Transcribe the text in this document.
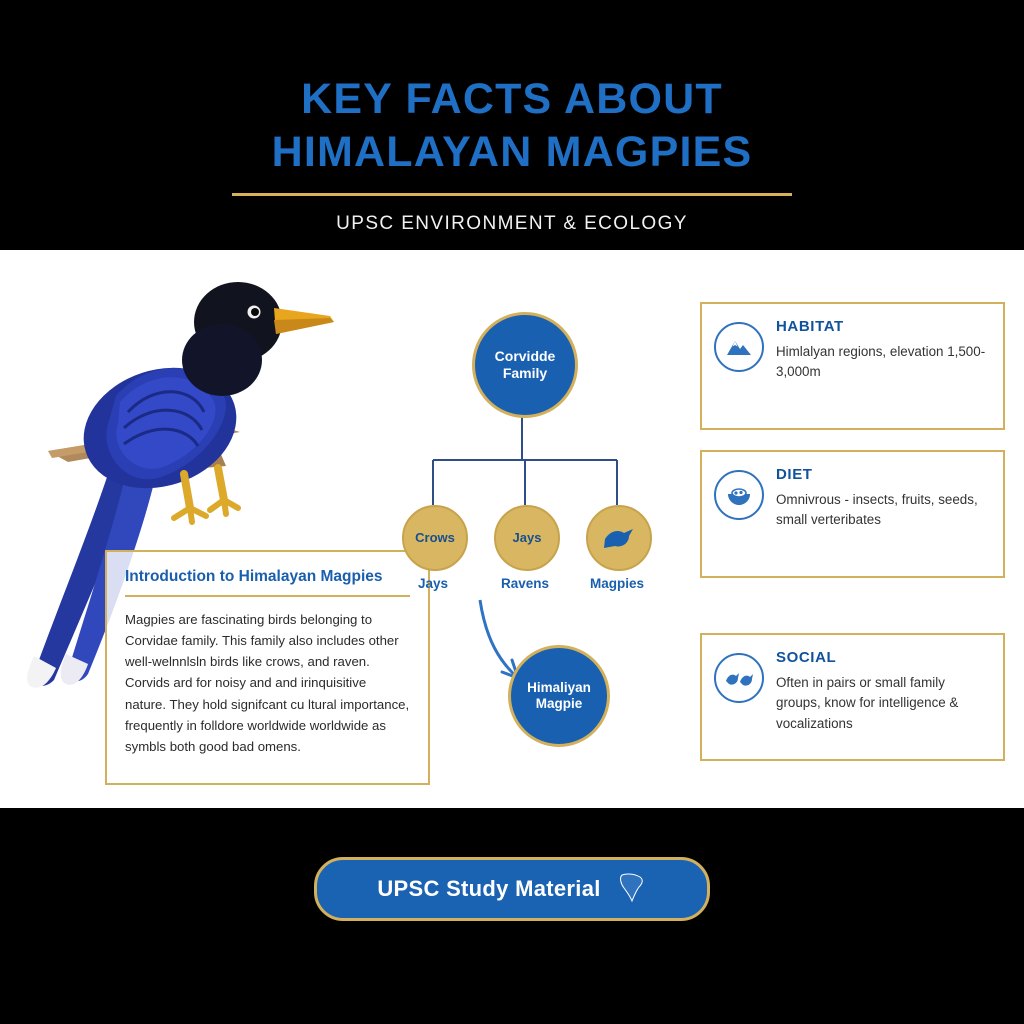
KEY FACTS ABOUT
HIMALAYAN MAGPIES
UPSC ENVIRONMENT & ECOLOGY
Introduction to Himalayan Magpies
Magpies are fascinating birds belonging to Corvidae family. This family also includes other well-welnnlsln birds like crows, and raven. Corvids ard for noisy and and irinquisitive nature. They hold signifcant cu ltural importance, frequently in folldore worldwide worldwide as symbls both good bad omens.
Corvidde Family
Crows	Jays
Jays	Ravens	Magpies
Himaliyan Magpie
HABITAT
Himlalyan regions, elevation 1,500-3,000m
DIET
Omnivrous - insects, fruits, seeds, small verteribates
SOCIAL
Often in pairs or small family groups, know for intelligence & vocalizations
UPSC Study Material
